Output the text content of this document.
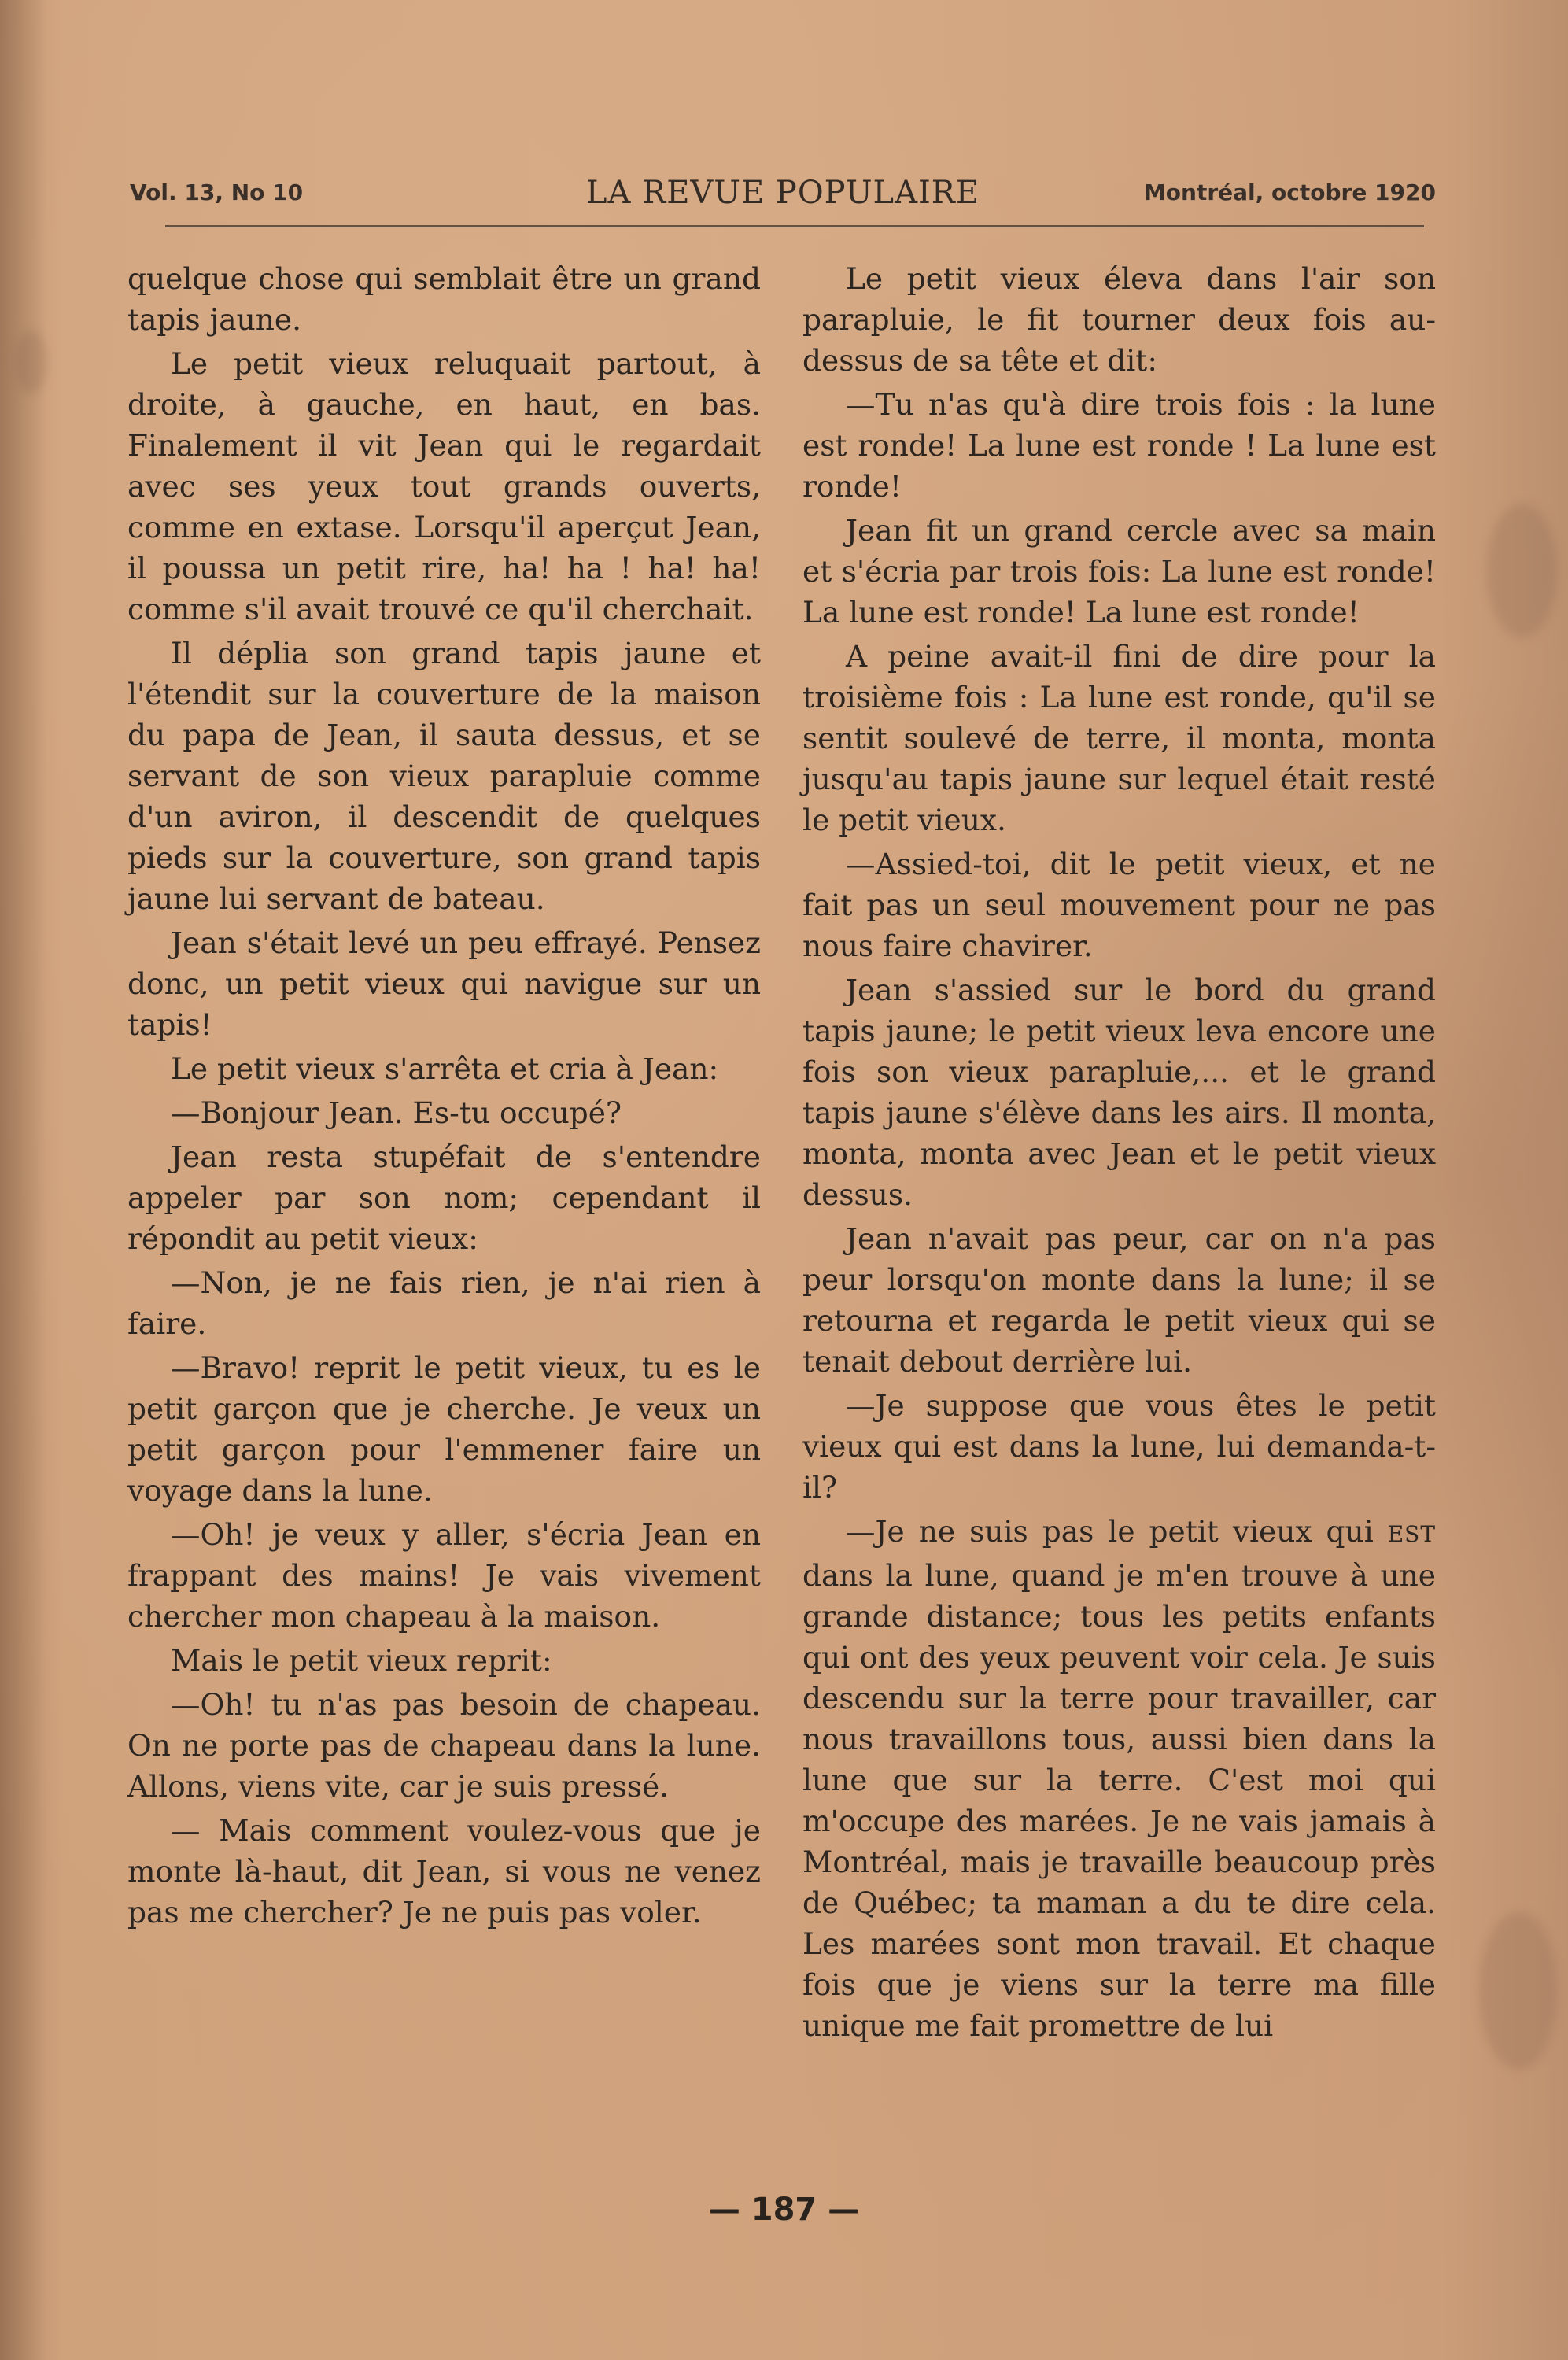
Vol. 13, No 10	LA REVUE POPULAIRE	Montréal, octobre 1920

quelque chose qui semblait être un grand tapis jaune.

Le petit vieux reluquait partout, à droite, à gauche, en haut, en bas. Finalement il vit Jean qui le regardait avec ses yeux tout grands ouverts, comme en extase. Lorsqu'il aperçut Jean, il poussa un petit rire, ha! ha ! ha! ha! comme s'il avait trouvé ce qu'il cherchait.

Il déplia son grand tapis jaune et l'étendit sur la couverture de la maison du papa de Jean, il sauta dessus, et se servant de son vieux parapluie comme d'un aviron, il descendit de quelques pieds sur la couverture, son grand tapis jaune lui servant de bateau.

Jean s'était levé un peu effrayé. Pensez donc, un petit vieux qui navigue sur un tapis!

Le petit vieux s'arrêta et cria à Jean:

—Bonjour Jean. Es-tu occupé?

Jean resta stupéfait de s'entendre appeler par son nom; cependant il répondit au petit vieux:

—Non, je ne fais rien, je n'ai rien à faire.

—Bravo! reprit le petit vieux, tu es le petit garçon que je cherche. Je veux un petit garçon pour l'emmener faire un voyage dans la lune.

—Oh! je veux y aller, s'écria Jean en frappant des mains! Je vais vivement chercher mon chapeau à la maison.

Mais le petit vieux reprit:

—Oh! tu n'as pas besoin de chapeau. On ne porte pas de chapeau dans la lune. Allons, viens vite, car je suis pressé.

— Mais comment voulez-vous que je monte là-haut, dit Jean, si vous ne venez pas me chercher? Je ne puis pas voler.

Le petit vieux éleva dans l'air son parapluie, le fit tourner deux fois au-dessus de sa tête et dit:

—Tu n'as qu'à dire trois fois : la lune est ronde! La lune est ronde ! La lune est ronde!

Jean fit un grand cercle avec sa main et s'écria par trois fois: La lune est ronde! La lune est ronde! La lune est ronde!

A peine avait-il fini de dire pour la troisième fois : La lune est ronde, qu'il se sentit soulevé de terre, il monta, monta jusqu'au tapis jaune sur lequel était resté le petit vieux.

—Assied-toi, dit le petit vieux, et ne fait pas un seul mouvement pour ne pas nous faire chavirer.

Jean s'assied sur le bord du grand tapis jaune; le petit vieux leva encore une fois son vieux parapluie,... et le grand tapis jaune s'élève dans les airs. Il monta, monta, monta avec Jean et le petit vieux dessus.

Jean n'avait pas peur, car on n'a pas peur lorsqu'on monte dans la lune; il se retourna et regarda le petit vieux qui se tenait debout derrière lui.

—Je suppose que vous êtes le petit vieux qui est dans la lune, lui demanda-t-il?

—Je ne suis pas le petit vieux qui EST dans la lune, quand je m'en trouve à une grande distance; tous les petits enfants qui ont des yeux peuvent voir cela. Je suis descendu sur la terre pour travailler, car nous travaillons tous, aussi bien dans la lune que sur la terre. C'est moi qui m'occupe des marées. Je ne vais jamais à Montréal, mais je travaille beaucoup près de Québec; ta maman a du te dire cela. Les marées sont mon travail. Et chaque fois que je viens sur la terre ma fille unique me fait promettre de lui

— 187 —
